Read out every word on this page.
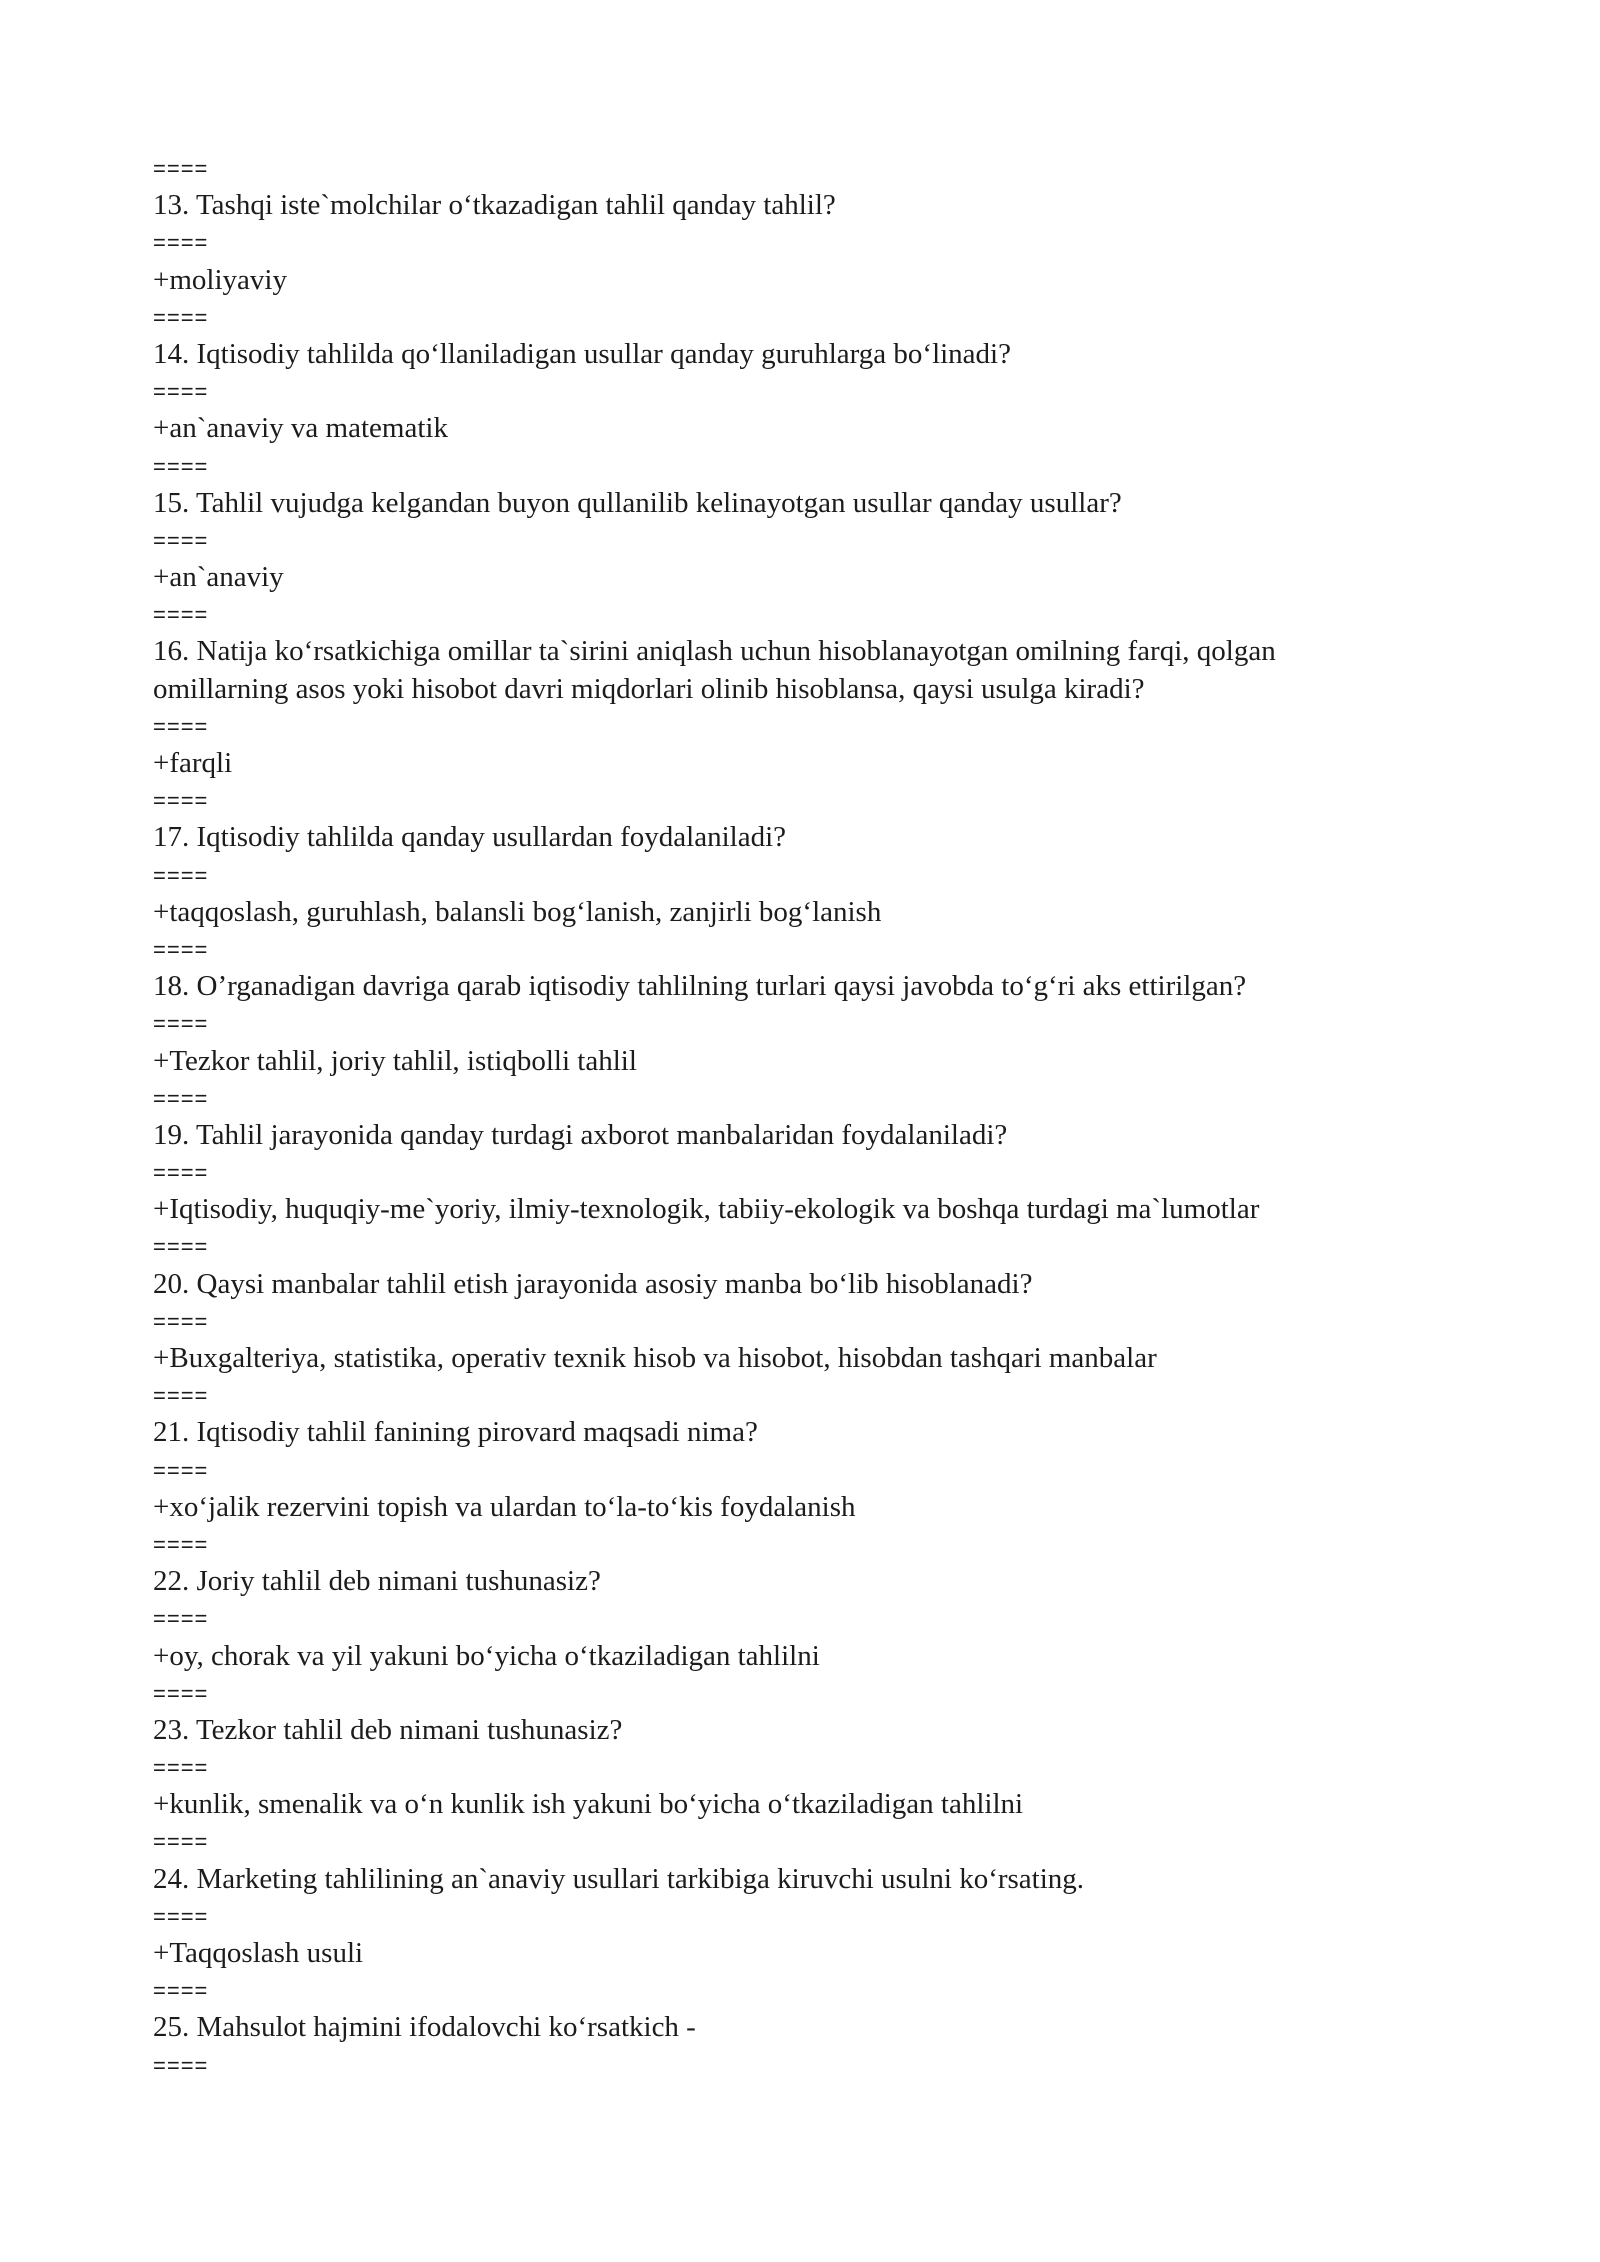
====
13. Tashqi iste`molchilar o‘tkazadigan tahlil qanday tahlil?
====
+moliyaviy
====
14. Iqtisodiy tahlilda qo‘llaniladigan usullar qanday guruhlarga bo‘linadi?
====
+an`anaviy va matematik
====
15. Tahlil vujudga kelgandan buyon qullanilib kelinayotgan usullar qanday usullar?
====
+an`anaviy
====
16. Natija ko‘rsatkichiga omillar ta`sirini aniqlash uchun hisoblanayotgan omilning farqi, qolgan
omillarning asos yoki hisobot davri miqdorlari olinib hisoblansa, qaysi usulga kiradi?
====
+farqli
====
17. Iqtisodiy tahlilda qanday usullardan foydalaniladi?
====
+taqqoslash, guruhlash, balansli bog‘lanish, zanjirli bog‘lanish
====
18. O’rganadigan davriga qarab iqtisodiy tahlilning turlari qaysi javobda to‘g‘ri aks ettirilgan?
====
+Tezkor tahlil, joriy tahlil, istiqbolli tahlil
====
19. Tahlil jarayonida qanday turdagi axborot manbalaridan foydalaniladi?
====
+Iqtisodiy, huquqiy-me`yoriy, ilmiy-texnologik, tabiiy-ekologik va boshqa turdagi ma`lumotlar
====
20. Qaysi manbalar tahlil etish jarayonida asosiy manba bo‘lib hisoblanadi?
====
+Buxgalteriya, statistika, operativ texnik hisob va hisobot, hisobdan tashqari manbalar
====
21. Iqtisodiy tahlil fanining pirovard maqsadi nima?
====
+xo‘jalik rezervini topish va ulardan to‘la-to‘kis foydalanish
====
22. Joriy tahlil deb nimani tushunasiz?
====
+oy, chorak va yil yakuni bo‘yicha o‘tkaziladigan tahlilni
====
23. Tezkor tahlil deb nimani tushunasiz?
====
+kunlik, smenalik va o‘n kunlik ish yakuni bo‘yicha o‘tkaziladigan tahlilni
====
24. Marketing tahlilining an`anaviy usullari tarkibiga kiruvchi usulni ko‘rsating.
====
+Taqqoslash usuli
====
25. Mahsulot hajmini ifodalovchi ko‘rsatkich -
====
